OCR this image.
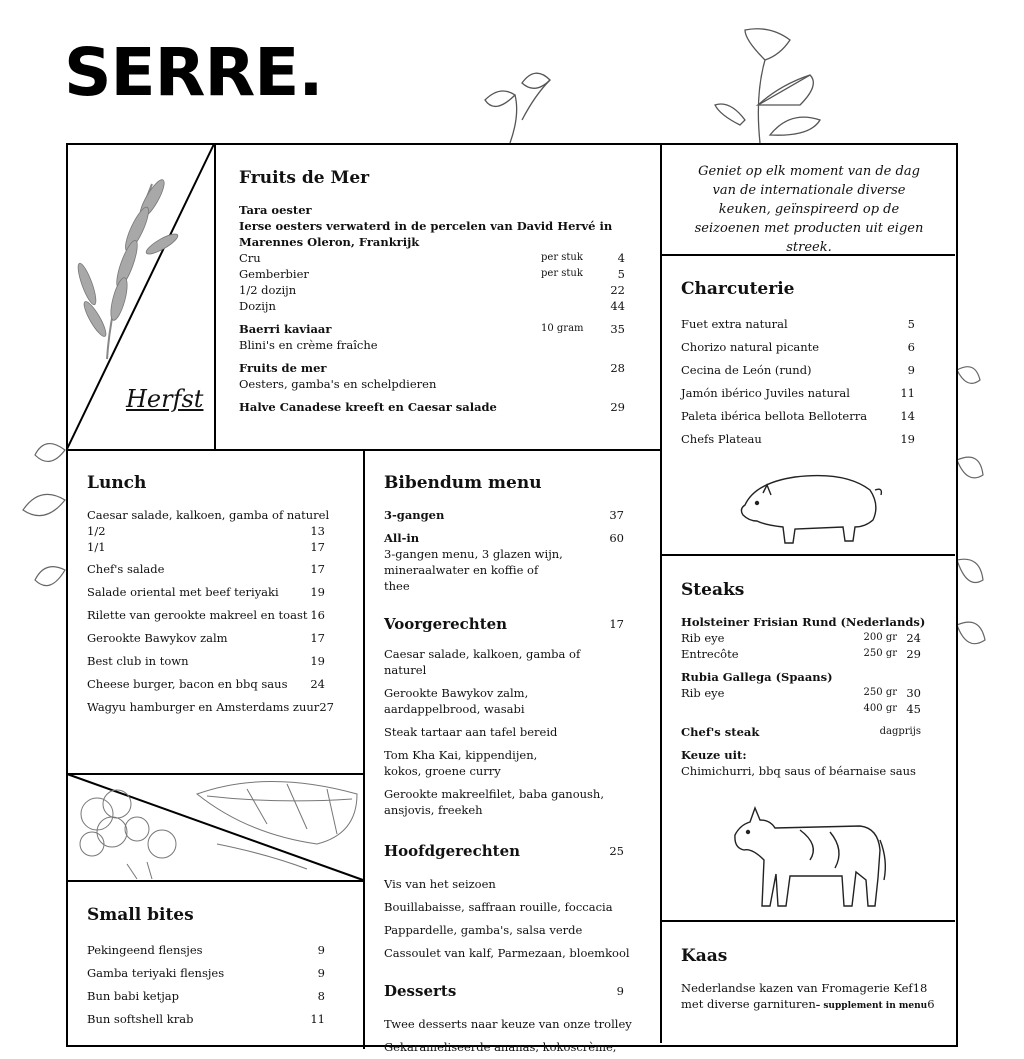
SERRE.
Herfst
Fruits de Mer
Tara oester
Ierse oesters verwaterd in de percelen van David Hervé in Marennes Oleron, Frankrijk
Cru	per stuk	4
Gemberbier	per stuk	5
1/2 dozijn	22
Dozijn	44
Baerri kaviaar	10 gram	35
Blini's en crème fraîche
Fruits de mer	28
Oesters, gamba's en schelpdieren
Halve Canadese kreeft en Caesar salade	29
Geniet op elk moment van de dag van de internationale diverse keuken, geïnspireerd op de seizoenen met producten uit eigen streek.
Charcuterie
Fuet extra natural	5
Chorizo natural picante	6
Cecina de León (rund)	9
Jamón ibérico Juviles natural	11
Paleta ibérica bellota Belloterra	14
Chefs Plateau	19
Lunch
Caesar salade, kalkoen, gamba of naturel
1/2	13
1/1	17
Chef's salade	17
Salade oriental met beef teriyaki	19
Rilette van gerookte makreel en toast 16
Gerookte Bawykov zalm	17
Best club in town	19
Cheese burger, bacon en bbq saus	24
Wagyu hamburger en Amsterdams zuur 27
Small bites
Pekingeend flensjes	9
Gamba teriyaki flensjes	9
Bun babi ketjap	8
Bun softshell krab	11
Bibendum menu
3-gangen	37
All-in	60
3-gangen menu, 3 glazen wijn, mineraalwater en koffie of thee
Voorgerechten	17
Caesar salade, kalkoen, gamba of naturel
Gerookte Bawykov zalm,
aardappelbrood, wasabi
Steak tartaar aan tafel bereid
Tom Kha Kai, kippendijen,
kokos, groene curry
Gerookte makreelfilet, baba ganoush,
ansjovis, freekeh
Hoofdgerechten	25
Vis van het seizoen
Bouillabaisse, saffraan rouille, foccacia
Pappardelle, gamba's, salsa verde
Cassoulet van kalf, Parmezaan, bloemkool
Desserts	9
Twee desserts naar keuze van onze trolley
Gekarameliseerde ananas, kokoscrème,
Steaks
Holsteiner Frisian Rund (Nederlands)
Rib eye	200 gr 24
Entrecôte	250 gr 29
Rubia Gallega (Spaans)
Rib eye	250 gr 30
400 gr 45
Chef's steak	dagprijs
Keuze uit:
Chimichurri, bbq saus of béarnaise saus
Kaas
Nederlandse kazen van Fromagerie Kef 18
met diverse garnituren– supplement in menu 6
